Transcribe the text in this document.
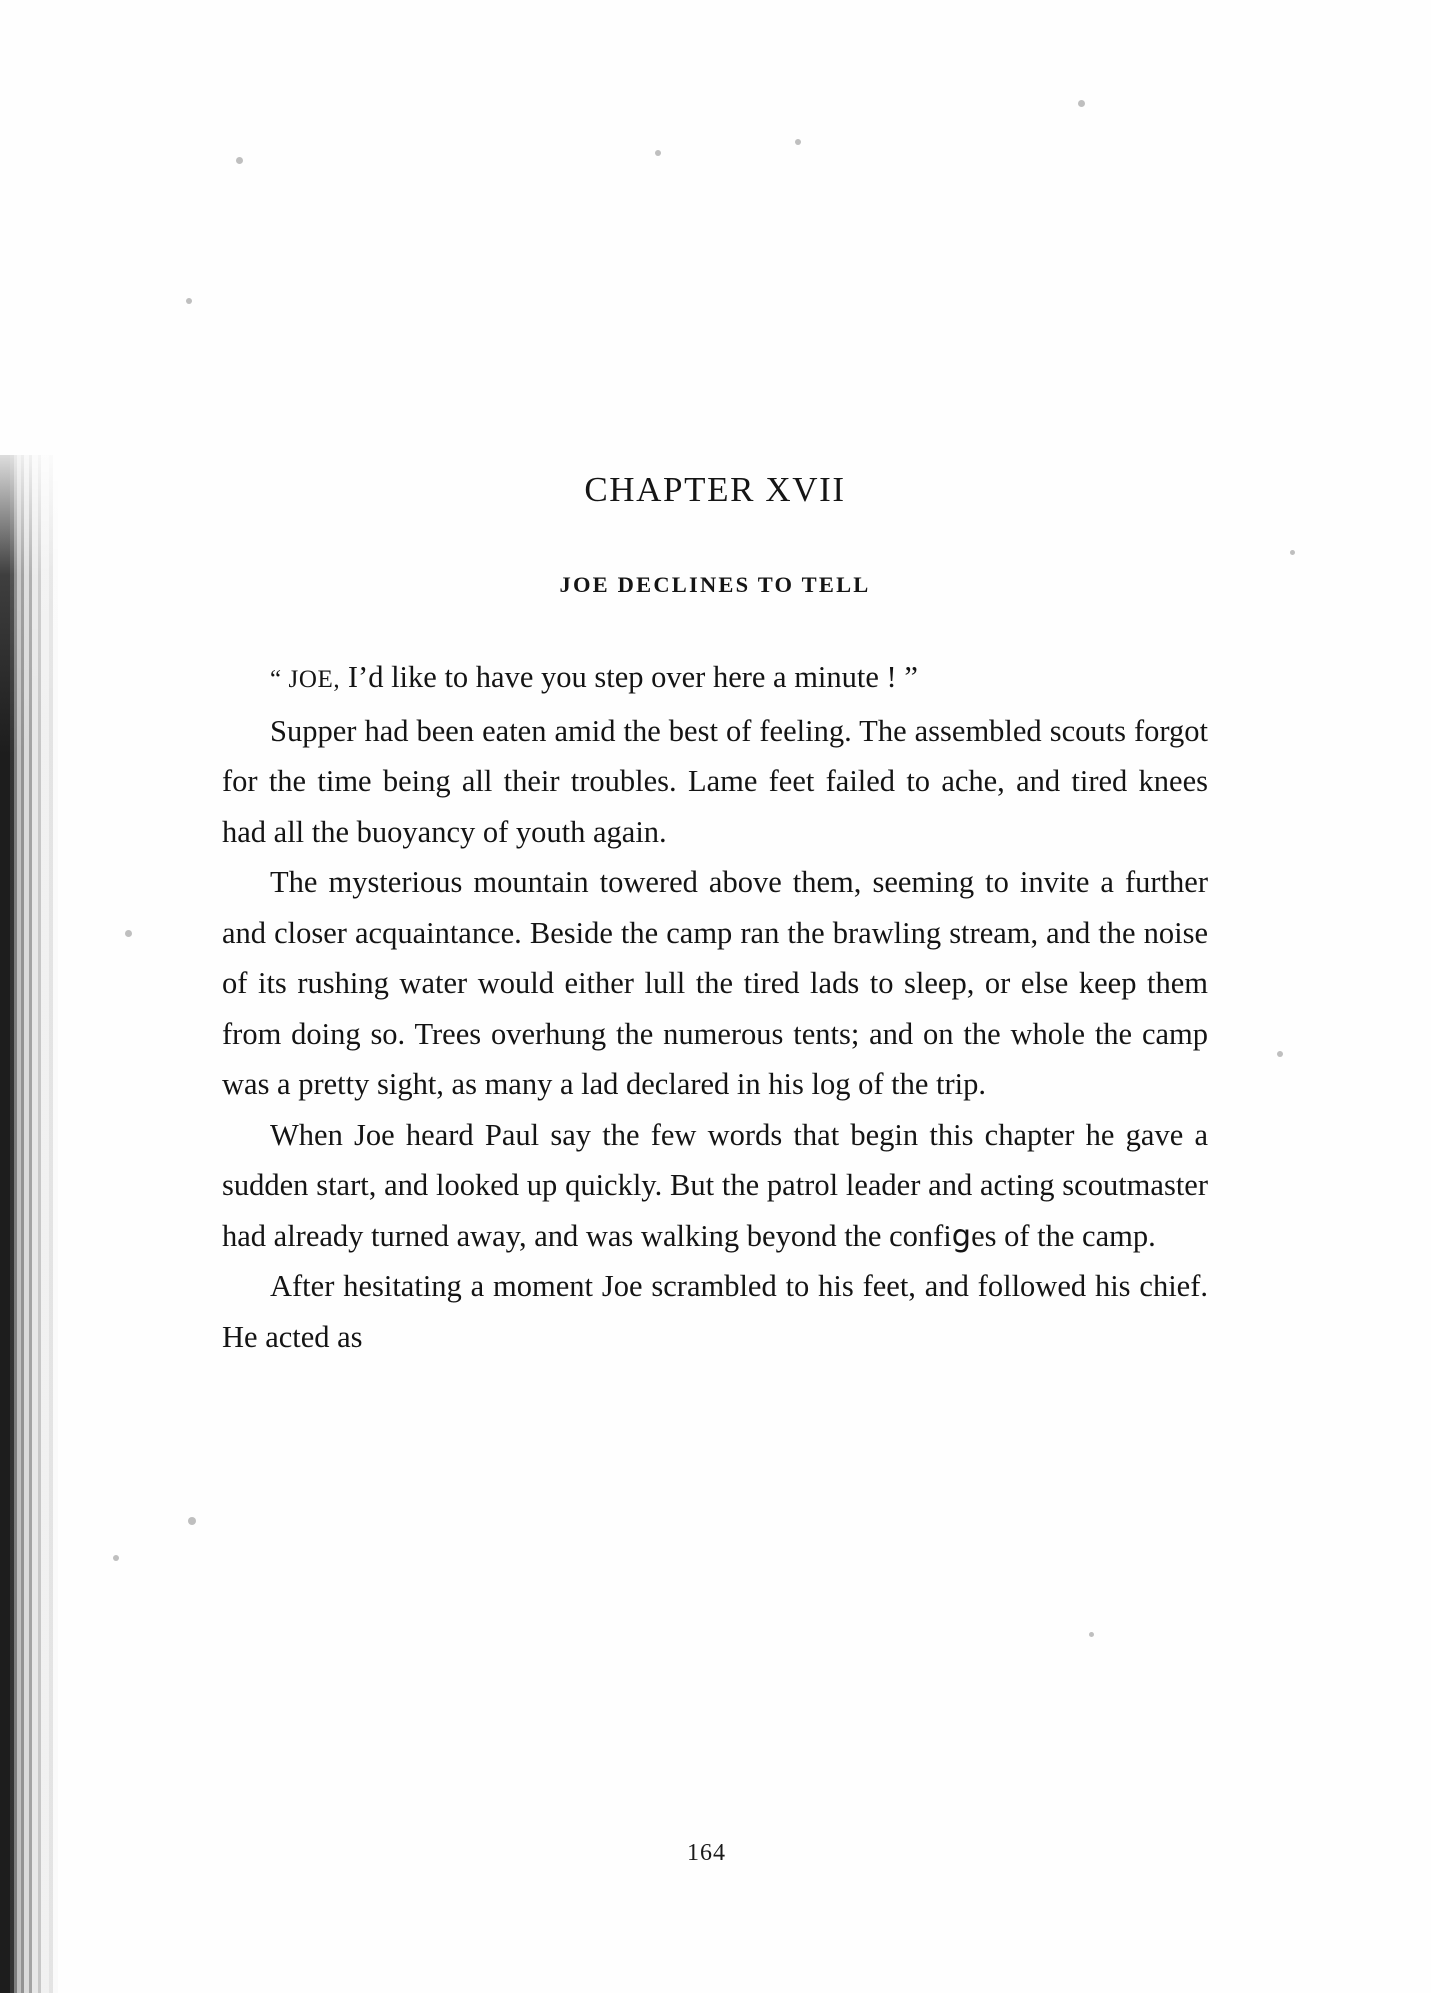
CHAPTER XVII
JOE DECLINES TO TELL

“ JOE, I’d like to have you step over here a minute ! ”

Supper had been eaten amid the best of feeling. The assembled scouts forgot for the time being all their troubles. Lame feet failed to ache, and tired knees had all the buoyancy of youth again.

The mysterious mountain towered above them, seeming to invite a further and closer acquaintance. Beside the camp ran the brawling stream, and the noise of its rushing water would either lull the tired lads to sleep, or else keep them from doing so. Trees overhung the numerous tents; and on the whole the camp was a pretty sight, as many a lad declared in his log of the trip.

When Joe heard Paul say the few words that begin this chapter he gave a sudden start, and looked up quickly. But the patrol leader and acting scoutmaster had already turned away, and was walking beyond the confiցes of the camp.

After hesitating a moment Joe scrambled to his feet, and followed his chief. He acted as

164
